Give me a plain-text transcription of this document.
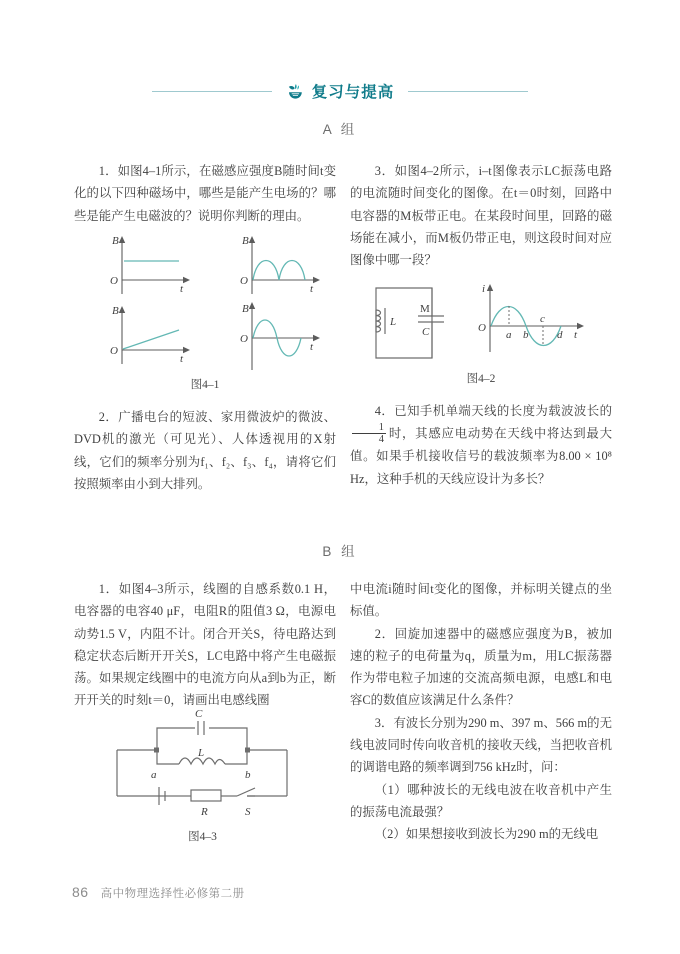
复习与提高
A 组

1．如图4–1所示，在磁感应强度B随时间t变化的以下四种磁场中，哪些是能产生电场的？哪些是能产生电磁波的？说明你判断的理由。

B
O
t
B
O
t
B
O
t
B
O
t
图4–1

2．广播电台的短波、家用微波炉的微波、DVD机的激光（可见光）、人体透视用的X射线，它们的频率分别为f₁、f₂、f₃、f₄，请将它们按照频率由小到大排列。

3．如图4–2所示，i–t图像表示LC振荡电路的电流随时间变化的图像。在t＝0时刻，回路中电容器的M板带正电。在某段时间里，回路的磁场能在减小，而M板仍带正电，则这段时间对应图像中哪一段？

L
M
C
i
O
t
a b
c
d
图4–2

4．已知手机单端天线的长度为载波波长的
$\frac{1}{4}$ 时，其感应电动势在天线中将达到最大值。如果手机接收信号的载波频率为8.00 × 10⁸ Hz，这种手机的天线应设计为多长？

B 组

1．如图4–3所示，线圈的自感系数0.1 H，电容器的电容40 μF，电阻R的阻值3 Ω，电源电动势1.5 V，内阻不计。闭合开关S，待电路达到稳定状态后断开开关S，LC电路中将产生电磁振荡。如果规定线圈中的电流方向从a到b为正，断开开关的时刻t＝0，请画出电感线圈

C
L
a	b
R	S
图4–3

中电流i随时间t变化的图像，并标明关键点的坐标值。

2．回旋加速器中的磁感应强度为B，被加速的粒子的电荷量为q，质量为m，用LC振荡器作为带电粒子加速的交流高频电源，电感L和电容C的数值应该满足什么条件？

3．有波长分别为290 m、397 m、566 m的无线电波同时传向收音机的接收天线，当把收音机的调谐电路的频率调到756 kHz时，问：

（1）哪种波长的无线电波在收音机中产生的振荡电流最强？

（2）如果想接收到波长为290 m的无线电

86 高中物理选择性必修第二册
